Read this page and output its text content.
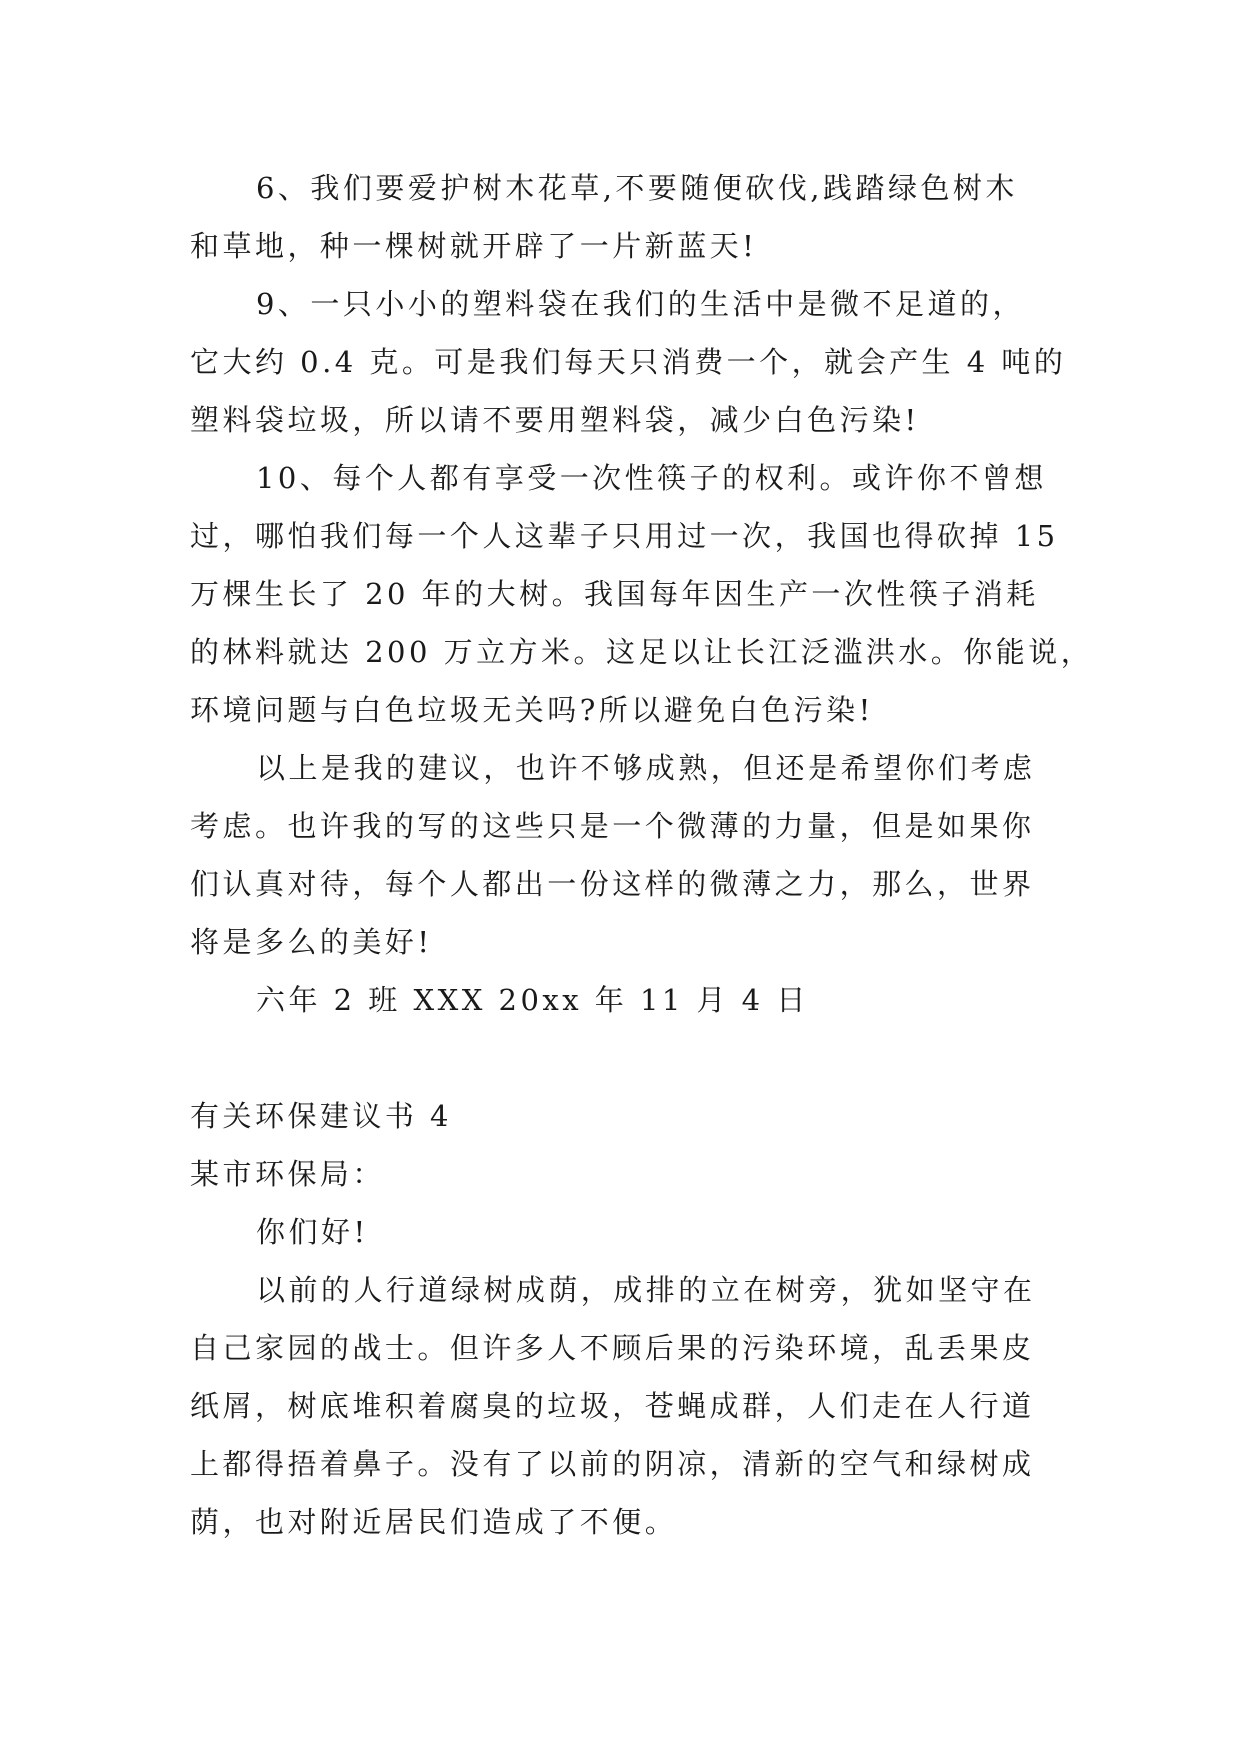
6、我们要爱护树木花草,不要随便砍伐,践踏绿色树木
和草地，种一棵树就开辟了一片新蓝天!
9、一只小小的塑料袋在我们的生活中是微不足道的，
它大约 0.4 克。可是我们每天只消费一个，就会产生 4 吨的
塑料袋垃圾，所以请不要用塑料袋，减少白色污染!
10、每个人都有享受一次性筷子的权利。或许你不曾想
过，哪怕我们每一个人这辈子只用过一次，我国也得砍掉 15
万棵生长了 20 年的大树。我国每年因生产一次性筷子消耗
的林料就达 200 万立方米。这足以让长江泛滥洪水。你能说，
环境问题与白色垃圾无关吗?所以避免白色污染!
以上是我的建议，也许不够成熟，但还是希望你们考虑
考虑。也许我的写的这些只是一个微薄的力量，但是如果你
们认真对待，每个人都出一份这样的微薄之力，那么，世界
将是多么的美好!
六年 2 班 XXX 20xx 年 11 月 4 日
有关环保建议书 4
某市环保局：
你们好!
以前的人行道绿树成荫，成排的立在树旁，犹如坚守在
自己家园的战士。但许多人不顾后果的污染环境，乱丢果皮
纸屑，树底堆积着腐臭的垃圾，苍蝇成群，人们走在人行道
上都得捂着鼻子。没有了以前的阴凉，清新的空气和绿树成
荫，也对附近居民们造成了不便。
